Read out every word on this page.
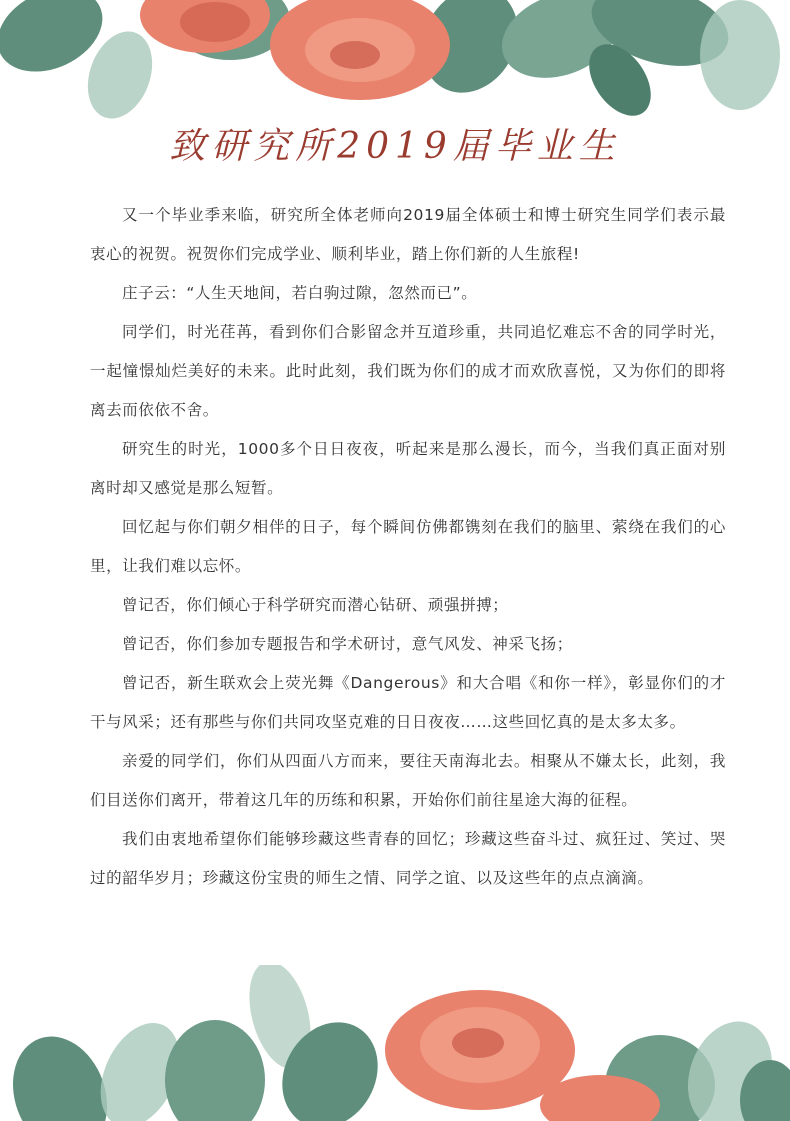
致研究所2019届毕业生

又一个毕业季来临，研究所全体老师向2019届全体硕士和博士研究生同学们表示最衷心的祝贺。祝贺你们完成学业、顺利毕业，踏上你们新的人生旅程!

庄子云：“人生天地间，若白驹过隙，忽然而已”。

同学们，时光荏苒，看到你们合影留念并互道珍重，共同追忆难忘不舍的同学时光，一起憧憬灿烂美好的未来。此时此刻，我们既为你们的成才而欢欣喜悦，又为你们的即将离去而依依不舍。

研究生的时光，1000多个日日夜夜，听起来是那么漫长，而今，当我们真正面对别离时却又感觉是那么短暂。

回忆起与你们朝夕相伴的日子，每个瞬间仿佛都镌刻在我们的脑里、萦绕在我们的心里，让我们难以忘怀。

曾记否，你们倾心于科学研究而潜心钻研、顽强拼搏；

曾记否，你们参加专题报告和学术研讨，意气风发、神采飞扬；

曾记否，新生联欢会上荧光舞《Dangerous》和大合唱《和你一样》，彰显你们的才干与风采；还有那些与你们共同攻坚克难的日日夜夜……这些回忆真的是太多太多。

亲爱的同学们，你们从四面八方而来，要往天南海北去。相聚从不嫌太长，此刻，我们目送你们离开，带着这几年的历练和积累，开始你们前往星途大海的征程。

我们由衷地希望你们能够珍藏这些青春的回忆；珍藏这些奋斗过、疯狂过、笑过、哭过的韶华岁月；珍藏这份宝贵的师生之情、同学之谊、以及这些年的点点滴滴。
